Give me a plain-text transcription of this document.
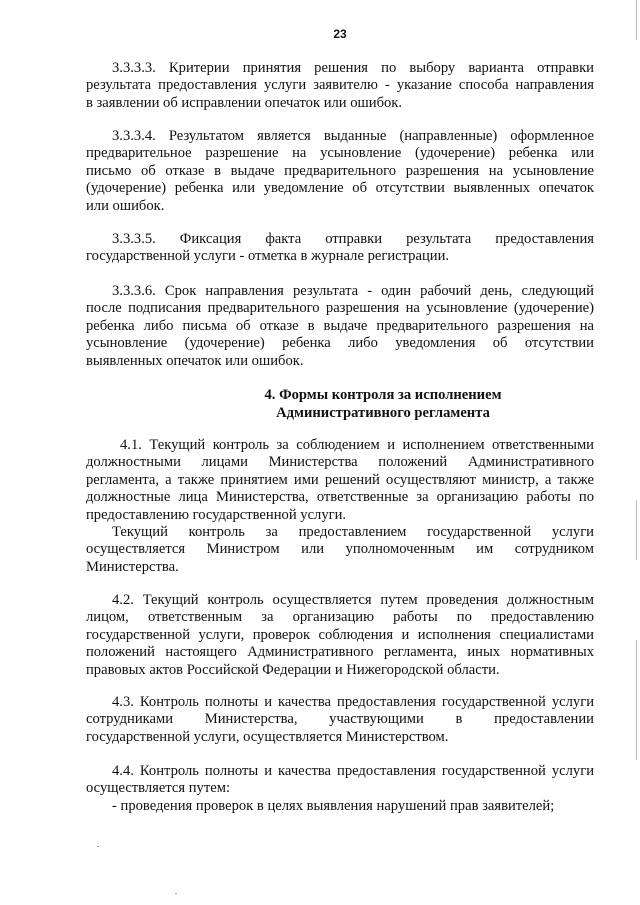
23
3.3.3.3. Критерии принятия решения по выбору варианта отправки
результата предоставления услуги заявителю - указание способа направления
в заявлении об исправлении опечаток или ошибок.
3.3.3.4. Результатом является выданные (направленные) оформленное
предварительное разрешение на усыновление (удочерение) ребенка или
письмо об отказе в выдаче предварительного разрешения на усыновление
(удочерение) ребенка или уведомление об отсутствии выявленных опечаток
или ошибок.
3.3.3.5. Фиксация факта отправки результата предоставления
государственной услуги - отметка в журнале регистрации.
3.3.3.6. Срок направления результата - один рабочий день, следующий
после подписания предварительного разрешения на усыновление (удочерение)
ребенка либо письма об отказе в выдаче предварительного разрешения на
усыновление (удочерение) ребенка либо уведомления об отсутствии
выявленных опечаток или ошибок.
4. Формы контроля за исполнением
Административного регламента
4.1. Текущий контроль за соблюдением и исполнением ответственными
должностными лицами Министерства положений Административного
регламента, а также принятием ими решений осуществляют министр, а также
должностные лица Министерства, ответственные за организацию работы по
предоставлению государственной услуги.
Текущий контроль за предоставлением государственной услуги
осуществляется Министром или уполномоченным им сотрудником
Министерства.
4.2. Текущий контроль осуществляется путем проведения должностным
лицом, ответственным за организацию работы по предоставлению
государственной услуги, проверок соблюдения и исполнения специалистами
положений настоящего Административного регламента, иных нормативных
правовых актов Российской Федерации и Нижегородской области.
4.3. Контроль полноты и качества предоставления государственной услуги
сотрудниками Министерства, участвующими в предоставлении
государственной услуги, осуществляется Министерством.
4.4. Контроль полноты и качества предоставления государственной услуги
осуществляется путем:
- проведения проверок в целях выявления нарушений прав заявителей;
